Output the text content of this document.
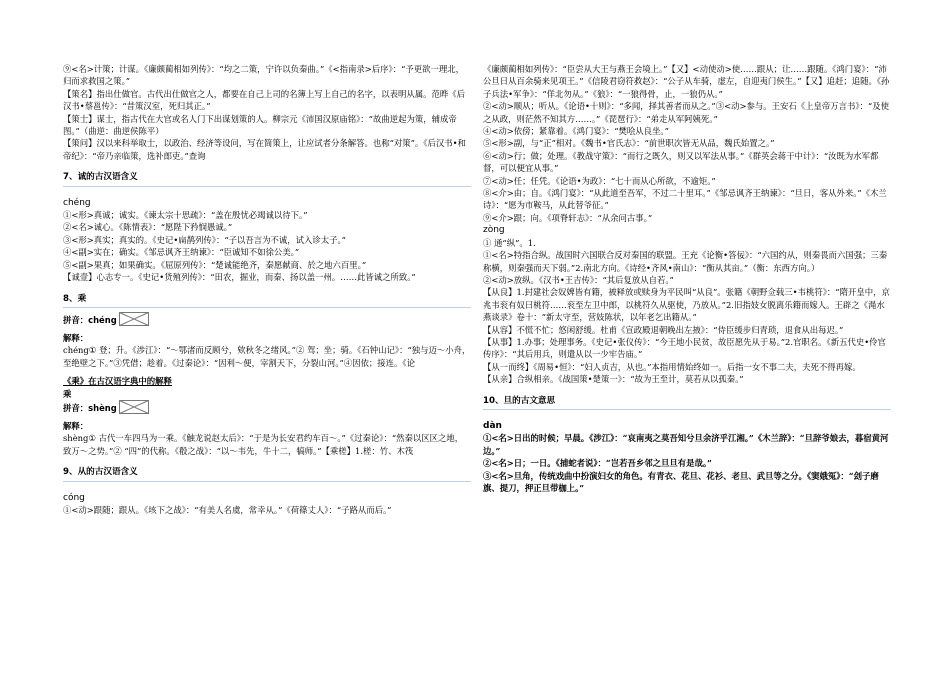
⑨<名>计策；计谋。《廉颇蔺相如列传》：“均之二策，宁许以负秦曲。”《<指南录>后序》：“予更欲一理北，归而求救国之策。”

【策名】指出仕做官。古代出仕做官之人，都要在自己上司的名簿上写上自己的名字，以表明从属。范晔《后汉书•蔡邕传》：“昔策汉室，死归其正。”

【策士】谋士，指古代在大官或名人门下出谋划策的人。柳宗元《沛国汉原庙铭》：“故曲逆起为策，辅成帝图。”（曲逆：曲逆侯陈平）

【策问】汉以来科举取士，以政治、经济等设问，写在简策上，让应试者分条解答。也称“对策”。《后汉书•和帝纪》：“帝乃亲临策，选补郎吏。”查询

7、诚的古汉语含义

chéng

①<形>真诚；诚实。《谏太宗十思疏》：“盖在殷忧必竭诚以待下。”

②<名>诚心。《陈情表》：“愿陛下矜悯愚诚。”

③<形>真实；真实的。《史记•扁鹊列传》：“子以吾言为不诚，试入诊太子。”

④<副>实在；确实。《邹忌讽齐王纳谏》：“臣诚知不如徐公美。”

⑤<副>果真；如果确实。《屈原列传》：“楚诚能绝齐，秦愿献商、於之地六百里。”

【诚壹】心志专一。《史记•货殖列传》：“田农，掘业，而秦、扬以盖一州。……此皆诚之所致。”

8、乘

拼音：chéng

解释：

chéng① 登；升。《涉江》：“～鄂渚而反顾兮，欸秋冬之绪风。”② 驾；坐；骑。《石钟山记》：“独与迈～小舟，至绝壁之下。”③凭借；趁着。《过秦论》：“因利～便，宰割天下，分裂山河。”④因依；接连。《论

《乘》在古汉语字典中的解释

乘

拼音：shèng

解释：

shèng① 古代一车四马为一乘。《触龙说赵太后》：“于是为长安君约车百～。”《过秦论》：“然秦以区区之地，致万～之势。”② “四”的代称。《殽之战》：“以～韦先，牛十二，犒师。”【乘槎】1.槎：竹、木筏

9、从的古汉语含义

cóng

①<动>跟随；跟从。《垓下之战》：“有美人名虞，常幸从。”《荷篠丈人》：“子路从而后。”

《廉颇蔺相如列传》：“臣尝从大王与燕王会境上。”【又】<动使动>使……跟从；让……跟随。《鸿门宴》：“沛公旦日从百余骑来见项王。”《信陵君窃符救赵》：“公子从车骑，虚左，自迎夷门侯生。”【又】追赶；追随。《孙子兵法•军争》：“佯北勿从。”《狼》：“一狼得骨，止，一狼仍从。”

②<动>顺从；听从。《论语•十则》：“多闻，择其善者而从之。”③<动>参与。王安石《上皇帝万言书》：“及使之从政，则茫然不知其方……。”《琵琶行》：“弟走从军阿姨死。”

④<动>依傍；紧靠着。《鸿门宴》：“樊哙从良坐。”

⑤<形>副，与“正”相对。《魏书•官氏志》：“前世职次皆无从品，魏氏始置之。”

⑥<动>行；做；处理。《教战守策》：“而行之既久，则又以军法从事。”《群英会蒋干中计》：“汝既为水军都督，可以便宜从事。”

⑦<动>任；任凭。《论语•为政》：“七十而从心所欲，不逾矩。”

⑧<介>由；自。《鸿门宴》：“从此道至吾军，不过二十里耳。”《邹忌讽齐王纳谏》：“旦日，客从外来。”《木兰诗》：“愿为市鞍马，从此替爷征。”

⑨<介>跟；向。《项脊轩志》：“从余问古事。”

zòng

① 通“纵”。1.

①<名>特指合纵。战国时六国联合反对秦国的联盟。王充《论衡•答佞》：“六国约从，则秦畏而六国强；三秦称横，则秦强而天下弱。”2.南北方向。《诗经•齐风•南山》：“衡从其亩。”（衡：东西方向。）

②<动>放纵。《汉书•王吉传》：“其后复放从自若。”

【从良】1.封建社会奴婢皆有籍，被释放或赎身为平民叫“从良”。张籍《朝野佥载三•韦桃符》：“隋开皇中，京兆韦衮有奴曰桃符……衮至左卫中郎，以桃符久从驱使，乃放从。”2.旧指妓女脱离乐籍而嫁人。王辟之《渑水燕谈录》卷十：“新太守至，营妓陈状，以年老乞出籍从。”

【从容】不慌不忙；悠闲舒缓。杜甫《宣政殿退朝晚出左掖》：“侍臣缓步归青琐，退食从出每迟。”

【从事】1.办事；处理事务。《史记•张仪传》：“今王地小民贫，故臣愿先从于易。”2.官职名。《新五代史•伶官传序》：“其后用兵，则遣从以一少牢告庙。”

【从一而终】《周易•恒》：“妇人贞吉，从也。”本指用情始终如一。后指一女不事二夫，夫死不得再嫁。

【从亲】合纵相亲。《战国策•楚策一》：“故为王至计，莫若从以孤秦。”

10、旦的古文意思

dàn

①<名>日出的时候；早晨。《涉江》：“哀南夷之莫吾知兮旦余济乎江湘。”《木兰辞》：“旦辞爷娘去，暮宿黄河边。”

②<名>日；一日。《捕蛇者说》：“岂若吾乡邻之旦旦有是哉。”

③<名>旦角，传统戏曲中扮演妇女的角色。有青衣、花旦、花衫、老旦、武旦等之分。《窦娥冤》：“刽子磨旗、提刀，押正旦带枷上。”
